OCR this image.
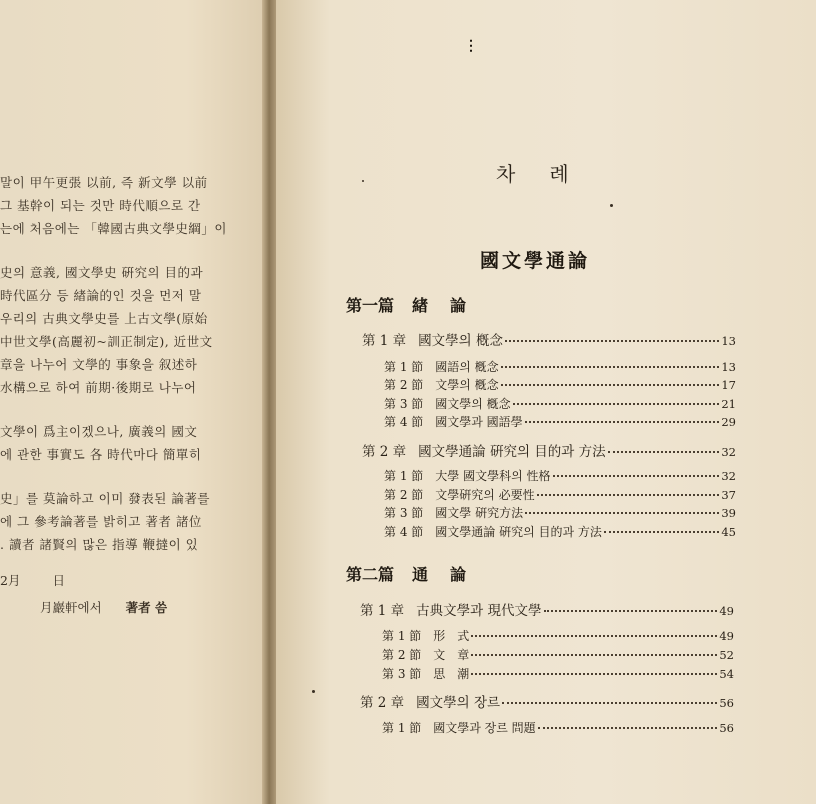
말이 甲午更張 以前, 즉 新文學 以前
그 基幹이 되는 것만 時代順으로 간
는에 처음에는 「韓國古典文學史綱」이
史의 意義, 國文學史 硏究의 目的과
時代區分 등 緖論的인 것을 먼저 말
우리의 古典文學史를 上古文學(原始
中世文學(高麗初~訓正制定), 近世文
章을 나누어 文學的 事象을 叙述하
水構으로 하여 前期·後期로 나누어
文學이 爲主이겠으나, 廣義의 國文
에 관한 事實도 各 時代마다 簡單히
史」를 莫論하고 이미 發表된 論著를
에 그 參考論著를 밝히고 著者 諸位
. 讀者 諸賢의 많은 指導 鞭撻이 있
2月	日
月巖軒에서 著者 씀
⋮
차례
國文學通論
第一篇 緖論
第 1 章 國文學의 槪念	13
第 1 節 國語의 槪念	13
第 2 節 文學의 槪念	17
第 3 節 國文學의 槪念	21
第 4 節 國文學과 國語學	29
第 2 章 國文學通論 硏究의 目的과 方法	32
第 1 節 大學 國文學科의 性格	32
第 2 節 文學硏究의 必要性	37
第 3 節 國文學 硏究方法	39
第 4 節 國文學通論 硏究의 目的과 方法	45
第二篇 通論
第 1 章 古典文學과 現代文學	49
第 1 節 形　式	49
第 2 節 文　章	52
第 3 節 思　潮	54
第 2 章 國文學의 장르	56
第 1 節 國文學과 장르 問題	56
